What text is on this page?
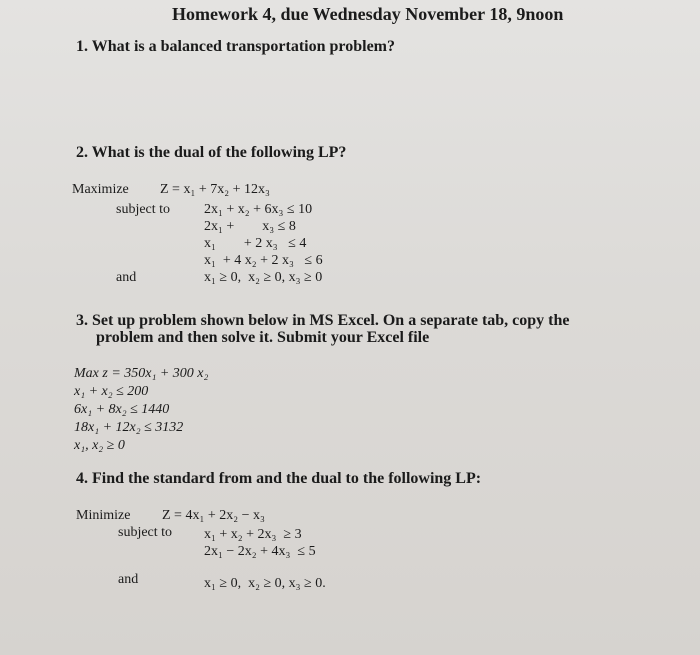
Homework 4, due Wednesday November 18, 9noon
1. What is a balanced transportation problem?
2. What is the dual of the following LP?
Maximize Z = x₁ + 7x₂ + 12x₃
subject to 2x₁ + x₂ + 6x₃ ≤ 10
2x₁ +        x₃ ≤ 8
x₁        + 2 x₃   ≤ 4
x₁  + 4 x₂ + 2 x₃   ≤ 6
and	x₁ ≥ 0,  x₂ ≥ 0, x₃ ≥ 0
3. Set up problem shown below in MS Excel. On a separate tab, copy the
problem and then solve it. Submit your Excel file
Max z = 350x₁ + 300 x₂
x₁ + x₂ ≤ 200
6x₁ + 8x₂ ≤ 1440
18x₁ + 12x₂ ≤ 3132
x₁, x₂ ≥ 0
4. Find the standard from and the dual to the following LP:
Minimize Z = 4x₁ + 2x₂ − x₃
subject to x₁ + x₂ + 2x₃  ≥ 3
2x₁ − 2x₂ + 4x₃  ≤ 5
and	x₁ ≥ 0,  x₂ ≥ 0, x₃ ≥ 0.
